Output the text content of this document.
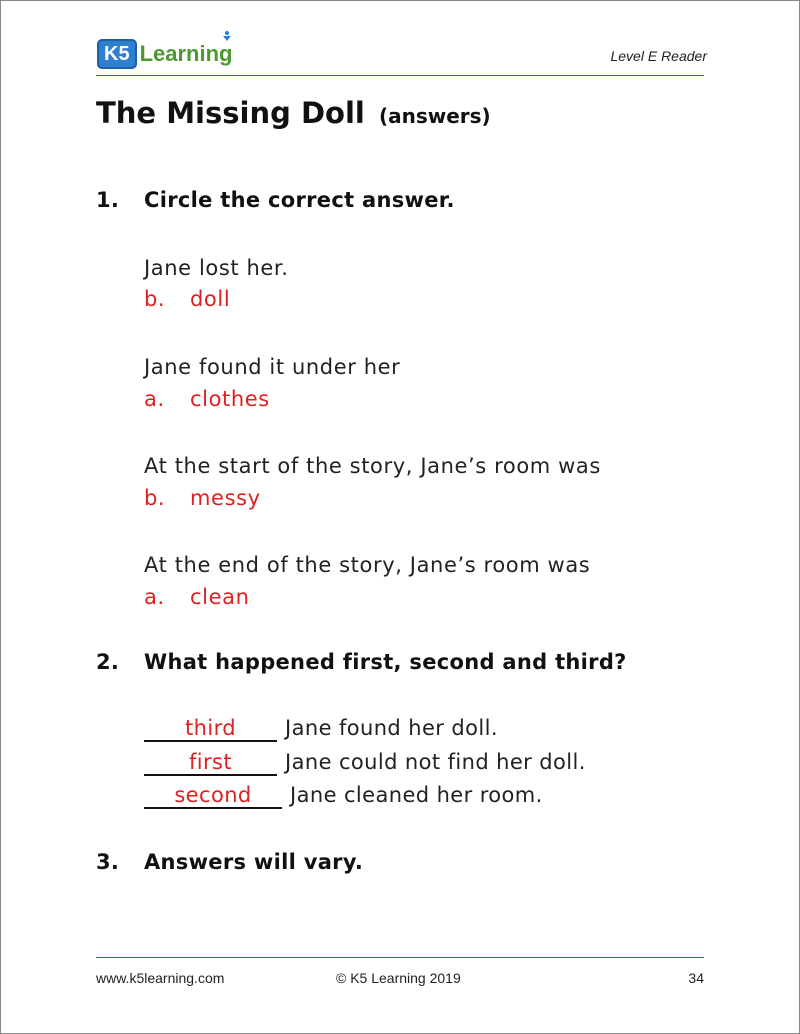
K5 Learning	Level E Reader
The Missing Doll (answers)
1. Circle the correct answer.
Jane lost her.
b. doll
Jane found it under her
a. clothes
At the start of the story, Jane’s room was
b. messy
At the end of the story, Jane’s room was
a. clean
2. What happened first, second and third?
third	Jane found her doll.
first	Jane could not find her doll.
second	Jane cleaned her room.
3. Answers will vary.
www.k5learning.com	© K5 Learning 2019	34
